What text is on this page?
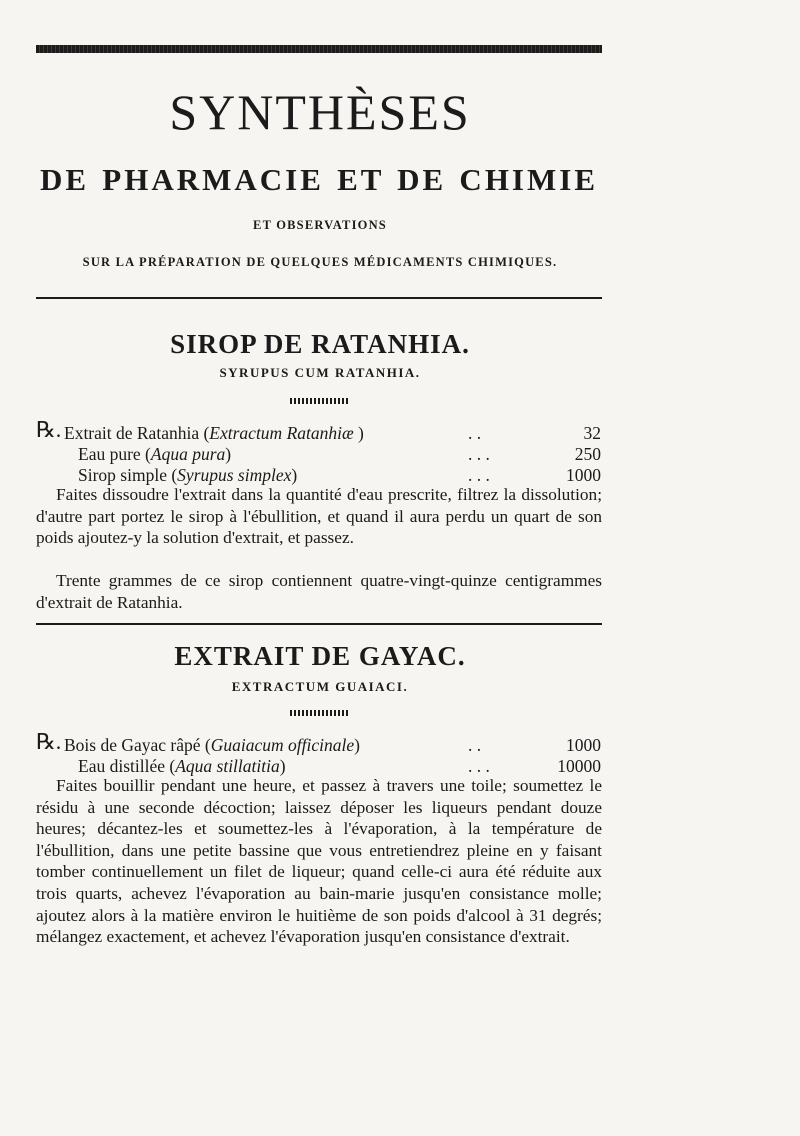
SYNTHÈSES
DE PHARMACIE ET DE CHIMIE
ET OBSERVATIONS
SUR LA PRÉPARATION DE QUELQUES MÉDICAMENTS CHIMIQUES.
SIROP DE RATANHIA.
SYRUPUS CUM RATANHIA.
℞. Extrait de Ratanhia (Extractum Ratanhiæ )	. .	32
Eau pure (Aqua pura)	. . .	250
Sirop simple (Syrupus simplex)	. . .	1000
Faites dissoudre l'extrait dans la quantité d'eau prescrite, filtrez la dissolution; d'autre part portez le sirop à l'ébullition, et quand il aura perdu un quart de son poids ajoutez-y la solution d'extrait, et passez.
Trente grammes de ce sirop contiennent quatre-vingt-quinze centigrammes d'extrait de Ratanhia.
EXTRAIT DE GAYAC.
EXTRACTUM GUAIACI.
℞. Bois de Gayac râpé (Guaiacum officinale)	. .	1000
Eau distillée (Aqua stillatitia)	. . .	10000
Faites bouillir pendant une heure, et passez à travers une toile; soumettez le résidu à une seconde décoction; laissez déposer les liqueurs pendant douze heures; décantez-les et soumettez-les à l'évaporation, à la température de l'ébullition, dans une petite bassine que vous entretiendrez pleine en y faisant tomber continuellement un filet de liqueur; quand celle-ci aura été réduite aux trois quarts, achevez l'évaporation au bain-marie jusqu'en consistance molle; ajoutez alors à la matière environ le huitième de son poids d'alcool à 31 degrés; mélangez exactement, et achevez l'évaporation jusqu'en consistance d'extrait.
